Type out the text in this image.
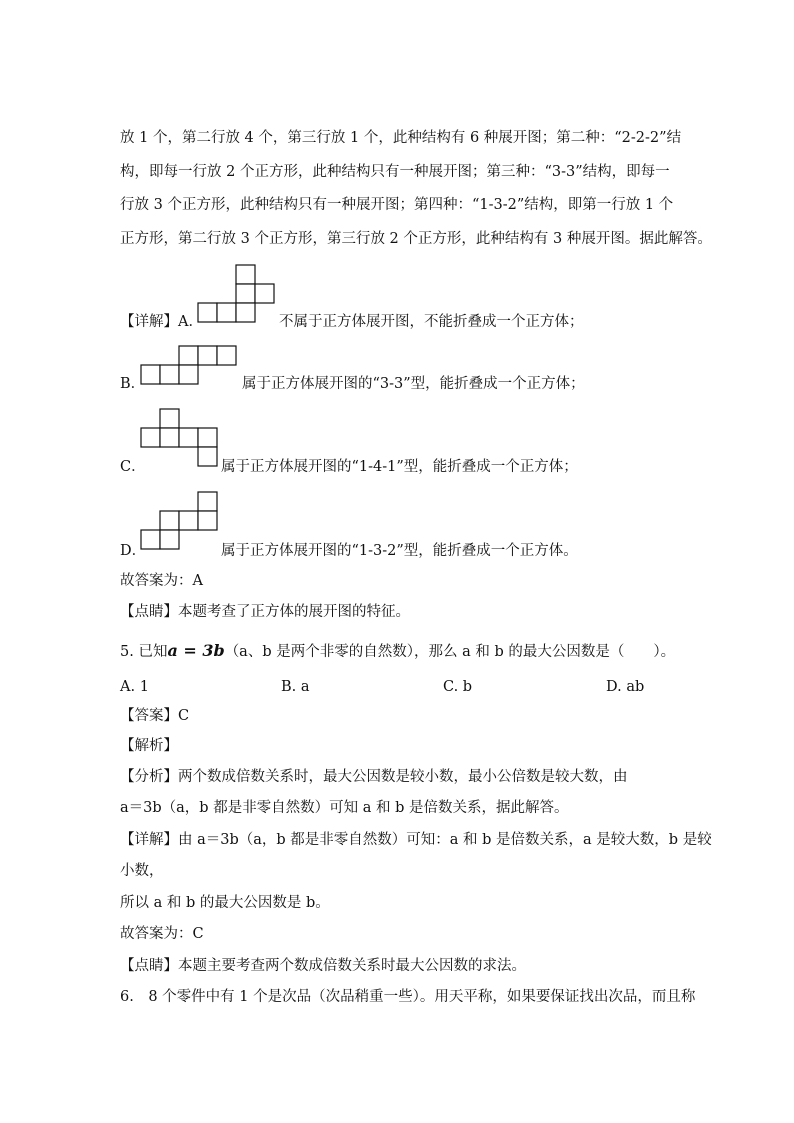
放 1 个，第二行放 4 个，第三行放 1 个，此种结构有 6 种展开图；第二种：“2-2-2”结
构，即每一行放 2 个正方形，此种结构只有一种展开图；第三种：“3-3”结构，即每一
行放 3 个正方形，此种结构只有一种展开图；第四种：“1-3-2”结构，即第一行放 1 个
正方形，第二行放 3 个正方形，第三行放 2 个正方形，此种结构有 3 种展开图。据此解答。
【详解】A．	不属于正方体展开图，不能折叠成一个正方体；
B．	属于正方体展开图的“3-3”型，能折叠成一个正方体；
C．	属于正方体展开图的“1-4-1”型，能折叠成一个正方体；
D．	属于正方体展开图的“1-3-2”型，能折叠成一个正方体。
故答案为：A
【点睛】本题考查了正方体的展开图的特征。
5. 已知a = 3b（a、b 是两个非零的自然数），那么 a 和 b 的最大公因数是（　　）。
A. 1	B. a	C. b	D. ab
【答案】C
【解析】
【分析】两个数成倍数关系时，最大公因数是较小数，最小公倍数是较大数，由
a＝3b（a，b 都是非零自然数）可知 a 和 b 是倍数关系，据此解答。
【详解】由 a＝3b（a，b 都是非零自然数）可知：a 和 b 是倍数关系，a 是较大数，b 是较
小数，
所以 a 和 b 的最大公因数是 b。
故答案为：C
【点睛】本题主要考查两个数成倍数关系时最大公因数的求法。
6.　8 个零件中有 1 个是次品（次品稍重一些）。用天平称，如果要保证找出次品，而且称
